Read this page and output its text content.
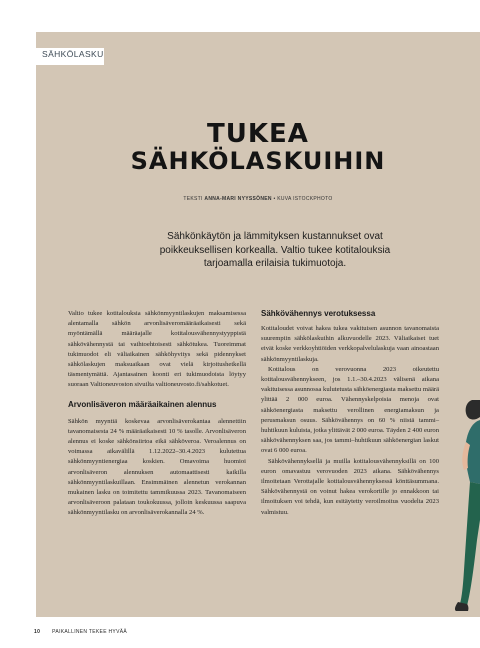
SÄHKÖLASKU
TUKEA
SÄHKÖLASKUIHIN
TEKSTI ANNA-MARI NYYSSÖNEN • KUVA ISTOCKPHOTO
Sähkönkäytön ja lämmityksen kustannukset ovat poikkeuksellisen korkealla. Valtio tukee kotitalouksia tarjoamalla erilaisia tukimuotoja.

Valtio tukee kotitalouksia sähkönmyyntilaskujen maksamisessa alentamalla sähkön arvonlisäveromääräaikaisesti sekä myöntämällä määräajalle kotitalousvähennystyyppistä sähkövähennystä tai vaihtoehtoisesti sähkötukea. Tuoreimmat tukimuodot eli väliaikainen sähköhyvitys sekä pidennykset sähkölaskujen maksuaikaan ovat vielä kirjoitushetkellä täsmentymättä. Ajantasainen koonti eri tukimuodoista löytyy suoraan Valtioneuvoston sivuilta valtioneuvosto.fi/sahkotuet.

Arvonlisäveron määräaikainen alennus

Sähkön myyntiä koskevaa arvonlisäverokantaa alennettiin tavanomaisesta 24 % määräaikaisesti 10 % tasolle. Arvonlisäveron alennus ei koske sähkönsiirtoa eikä sähköveroa. Veroalennus on voimassa aikavälillä 1.12.2022–30.4.2023 kulutettua sähkönmyyntienergiaa koskien. Omavoima huomioi arvonlisäveron alennuksen automaattisesti kaikilla sähkönmyyntilaskuillaan. Ensimmäinen alennetun verokannan mukainen lasku on toimitettu tammikuussa 2023. Tavanomaiseen arvonlisäveroon palataan toukokuussa, jolloin keskuussa saapuva sähkönmyyntilasku on arvonlisäverokannalla 24 %.

Sähkövähennys verotuksessa

Kotitaloudet voivat hakea tukea vakituisen asunnon tavanomaista suurempiin sähkölaskuihin alkuvuodelle 2023. Väliaikaiset tuet eivät koske verkkoyhtiöiden verkkopalvelulaskuja vaan ainoastaan sähkönmyyntilaskuja.

Kotitalous on verovuonna 2023 oikeutettu kotitalousvähennykseen, jos 1.1.–30.4.2023 välisenä aikana vakituisessa asunnossa kulutetusta sähköenergiasta maksettu määrä ylittää 2 000 euroa. Vähennyskelpoisia menoja ovat sähköenergiasta maksettu verollinen energiamaksun ja perusmaksun osuus. Sähkövähennys on 60 % niistä tammi–huhtikuun kuluista, jotka ylittävät 2 000 euroa. Täyden 2 400 euron sähkövähennyksen saa, jos tammi–huhtikuun sähköenergian laskut ovat 6 000 euroa.

Sähkövähennyksellä ja muilla kotitalousvähennyksillä on 100 euron omavastuu verovuoden 2023 aikana. Sähkövähennys ilmoitetaan Verottajalle kotitalousvähennyksessä könttäsummana. Sähkövähennystä on voinut hakea verokortille jo ennakkoon tai ilmoituksen voi tehdä, kun esitäytetty veroilmoitus vuodelta 2023 valmistuu.

10 PAIKALLINEN TEKEE HYVÄÄ
